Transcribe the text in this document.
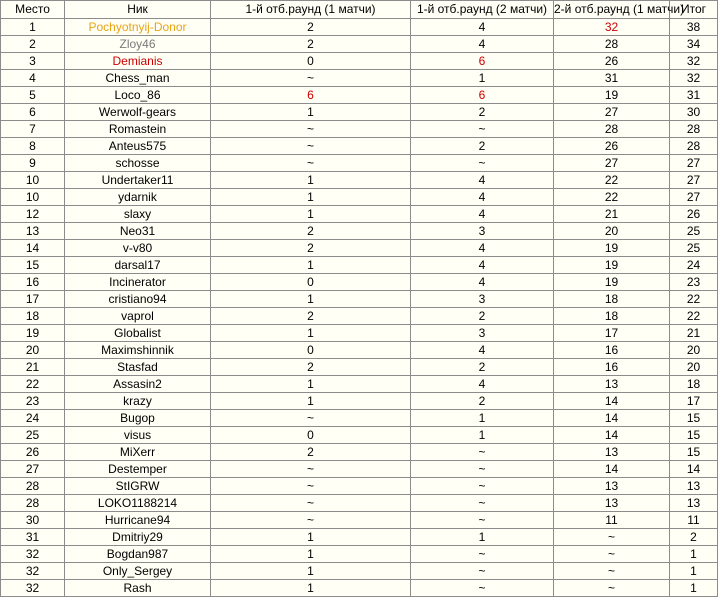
Место	Ник	1-й отб.раунд (1 матчи)	1-й отб.раунд (2 матчи)	2-й отб.раунд (1 матчи)	Итог
1	Pochyotnyij-Donor	2	4	32	38
2	Zloy46	2	4	28	34
3	Demianis	0	6	26	32
4	Chess_man	~	1	31	32
5	Loco_86	6	6	19	31
6	Werwolf-gears	1	2	27	30
7	Romastein	~	~	28	28
8	Anteus575	~	2	26	28
9	schosse	~	~	27	27
10	Undertaker11	1	4	22	27
10	ydarnik	1	4	22	27
12	slaxy	1	4	21	26
13	Neo31	2	3	20	25
14	v-v80	2	4	19	25
15	darsal17	1	4	19	24
16	Incinerator	0	4	19	23
17	cristiano94	1	3	18	22
18	vaprol	2	2	18	22
19	Globalist	1	3	17	21
20	Maximshinnik	0	4	16	20
21	Stasfad	2	2	16	20
22	Assasin2	1	4	13	18
23	krazy	1	2	14	17
24	Bugop	~	1	14	15
25	visus	0	1	14	15
26	MiXerr	2	~	13	15
27	Destemper	~	~	14	14
28	StIGRW	~	~	13	13
28	LOKO1188214	~	~	13	13
30	Hurricane94	~	~	11	11
31	Dmitriy29	1	1	~	2
32	Bogdan987	1	~	~	1
32	Only_Sergey	1	~	~	1
32	Rash	1	~	~	1
